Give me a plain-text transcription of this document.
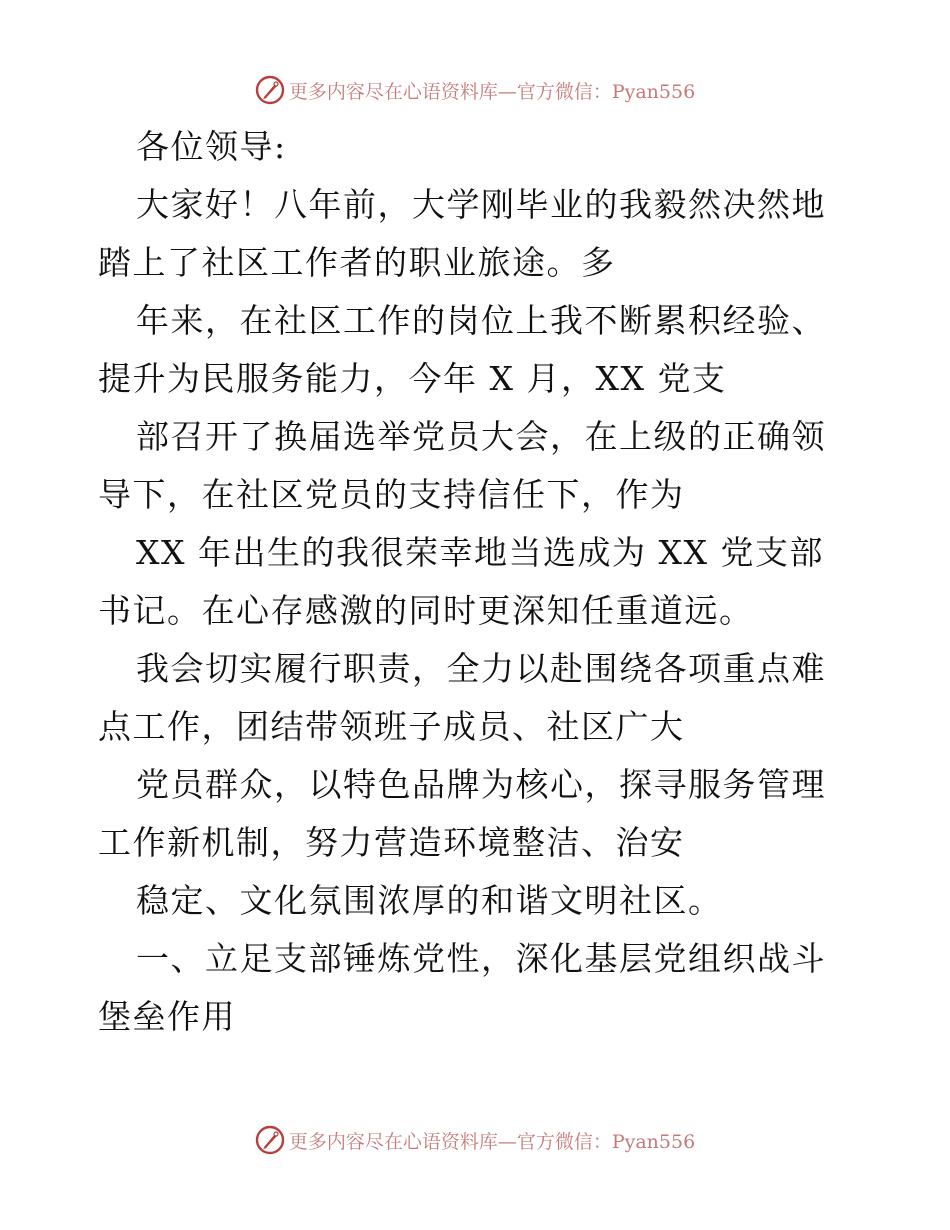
更多内容尽在心语资料库—官方微信：Pyan556

各位领导:

大家好！八年前，大学刚毕业的我毅然决然地踏上了社区工作者的职业旅途。多

年来，在社区工作的岗位上我不断累积经验、提升为民服务能力，今年 X 月，XX 党支

部召开了换届选举党员大会，在上级的正确领导下，在社区党员的支持信任下，作为

XX 年出生的我很荣幸地当选成为 XX 党支部书记。在心存感激的同时更深知任重道远。

我会切实履行职责，全力以赴围绕各项重点难点工作，团结带领班子成员、社区广大

党员群众，以特色品牌为核心，探寻服务管理工作新机制，努力营造环境整洁、治安

稳定、文化氛围浓厚的和谐文明社区。

一、立足支部锤炼党性，深化基层党组织战斗堡垒作用

更多内容尽在心语资料库—官方微信：Pyan556
